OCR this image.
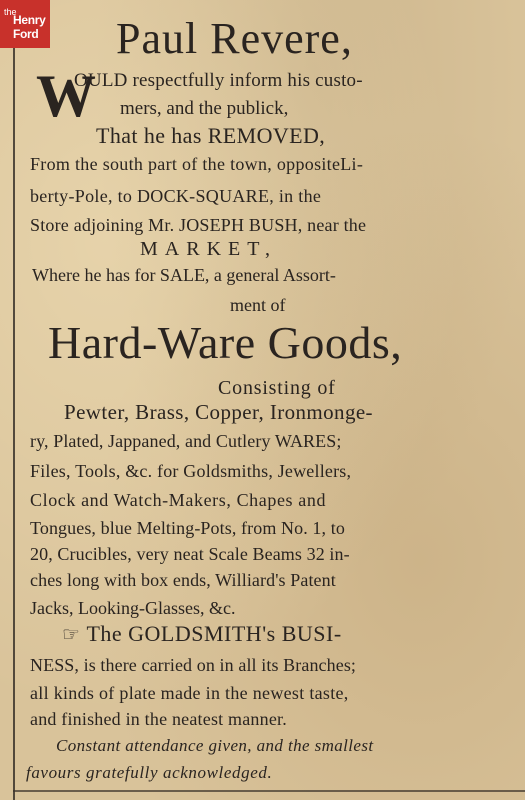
the
Henry
Ford Paul Revere,
W
OULD respectfully inform his custo-
mers, and the publick,
That he has REMOVED,
From the south part of the town, oppositeLi-
berty-Pole, to DOCK-SQUARE, in the
Store adjoining Mr. JOSEPH BUSH, near the
MARKET,
Where he has for SALE, a general Assort-
ment of
Hard-Ware Goods,
Consisting of
Pewter, Brass, Copper, Ironmonge-
ry, Plated, Jappaned, and Cutlery WARES;
Files, Tools, &c. for Goldsmiths, Jewellers,
Clock and Watch-Makers, Chapes and
Tongues, blue Melting-Pots, from No. 1, to
20, Crucibles, very neat Scale Beams 32 in-
ches long with box ends, Williard's Patent
Jacks, Looking-Glasses, &c.
☞ The GOLDSMITH's BUSI-
NESS, is there carried on in all its Branches;
all kinds of plate made in the newest taste,
and finished in the neatest manner.
Constant attendance given, and the smallest
favours gratefully acknowledged.
